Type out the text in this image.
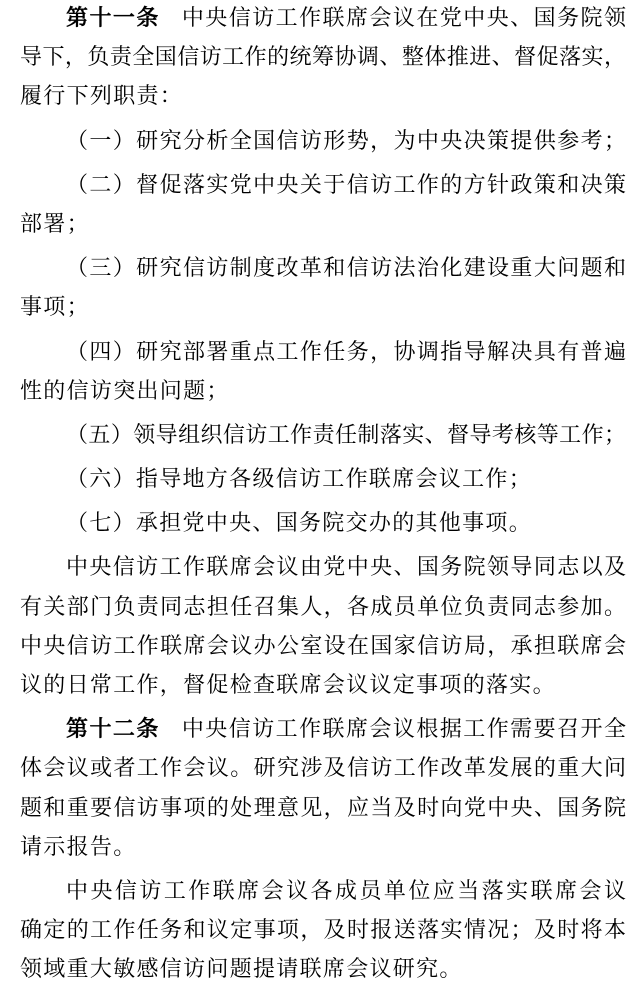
第十一条 中央信访工作联席会议在党中央、国务院领
导下，负责全国信访工作的统筹协调、整体推进、督促落实，
履行下列职责：
（一）研究分析全国信访形势，为中央决策提供参考；
（二）督促落实党中央关于信访工作的方针政策和决策
部署；
（三）研究信访制度改革和信访法治化建设重大问题和
事项；
（四）研究部署重点工作任务，协调指导解决具有普遍
性的信访突出问题；
（五）领导组织信访工作责任制落实、督导考核等工作；
（六）指导地方各级信访工作联席会议工作；
（七）承担党中央、国务院交办的其他事项。
中央信访工作联席会议由党中央、国务院领导同志以及
有关部门负责同志担任召集人，各成员单位负责同志参加。
中央信访工作联席会议办公室设在国家信访局，承担联席会
议的日常工作，督促检查联席会议议定事项的落实。
第十二条 中央信访工作联席会议根据工作需要召开全
体会议或者工作会议。研究涉及信访工作改革发展的重大问
题和重要信访事项的处理意见，应当及时向党中央、国务院
请示报告。
中央信访工作联席会议各成员单位应当落实联席会议
确定的工作任务和议定事项，及时报送落实情况；及时将本
领域重大敏感信访问题提请联席会议研究。
